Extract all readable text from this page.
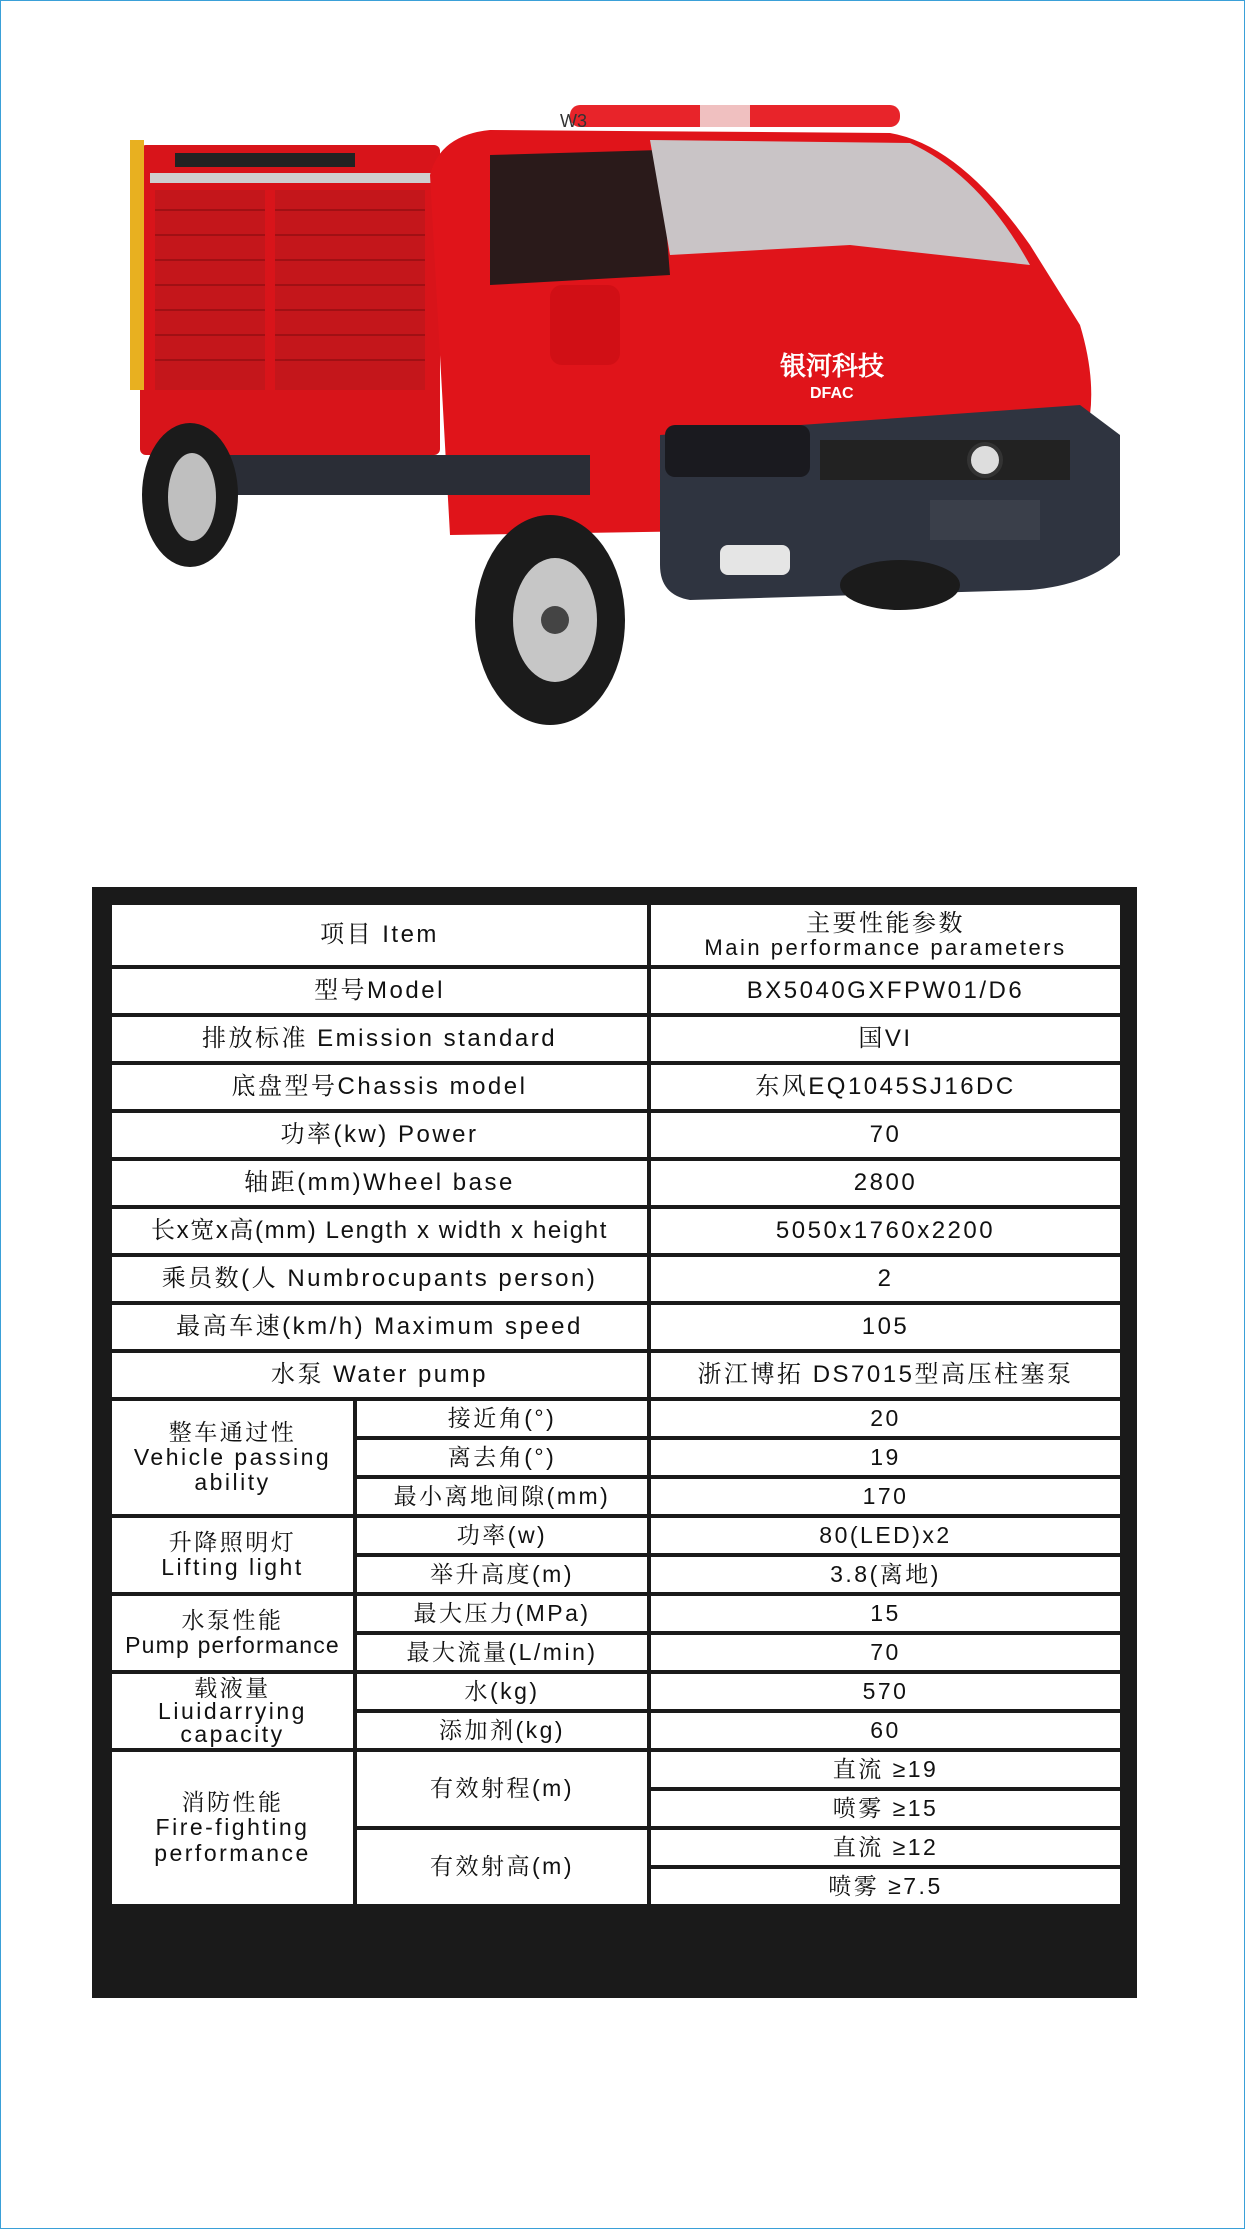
W3
银河科技
DFAC
项目 Item		主要性能参数
Main performance parameters

型号Model		BX5040GXFPW01/D6
排放标准 Emission standard		国VI
底盘型号Chassis model		东风EQ1045SJ16DC
功率(kw) Power		70
轴距(mm)Wheel base		2800
长x宽x高(mm) Length x width x height		5050x1760x2200
乘员数(人 Numbrocupants person)		2
最高车速(km/h) Maximum speed		105
水泵 Water pump		浙江博拓 DS7015型高压柱塞泵

整车通过性
Vehicle passing
ability	接近角(°)	20
	离去角(°)	19
	最小离地间隙(mm)	170

升降照明灯
Lifting light	功率(w)	80(LED)x2
	举升高度(m)	3.8(离地)

水泵性能
Pump performance	最大压力(MPa)	15
	最大流量(L/min)	70

载液量
Liuidarrying
capacity	水(kg)	570
	添加剂(kg)	60

消防性能
Fire-fighting
performance	有效射程(m)	直流 ≥19
		喷雾 ≥15
	有效射高(m)	直流 ≥12
		喷雾 ≥7.5
